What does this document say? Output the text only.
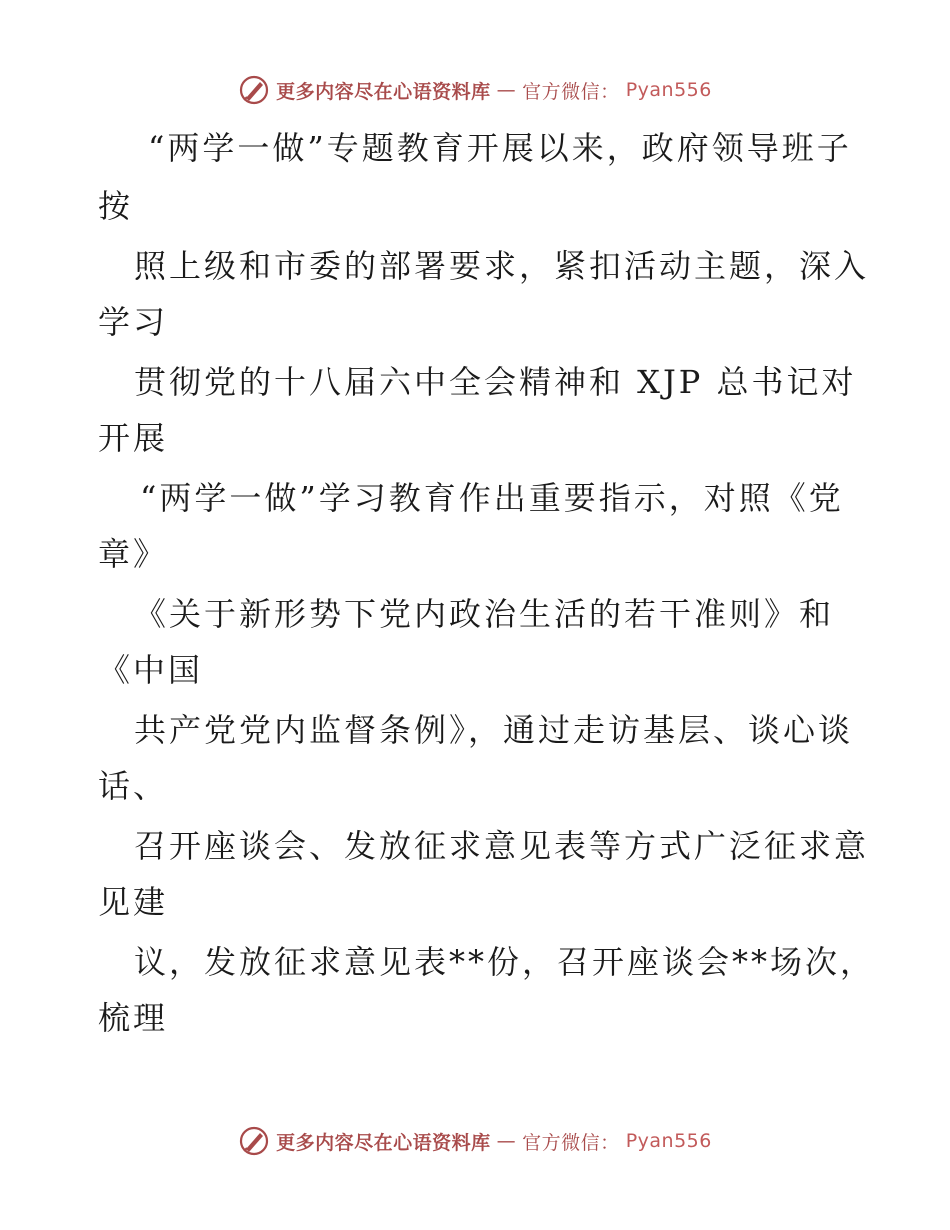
更多内容尽在心语资料库 — 官方微信： Pyan556
“两学一做”专题教育开展以来，政府领导班子
按
照上级和市委的部署要求，紧扣活动主题，深入
学习
贯彻党的十八届六中全会精神和 XJP 总书记对
开展
“两学一做”学习教育作出重要指示，对照《党
章》
《关于新形势下党内政治生活的若干准则》和
《中国
共产党党内监督条例》，通过走访基层、谈心谈
话、
召开座谈会、发放征求意见表等方式广泛征求意
见建
议，发放征求意见表**份，召开座谈会**场次，
梳理
更多内容尽在心语资料库 — 官方微信： Pyan556
